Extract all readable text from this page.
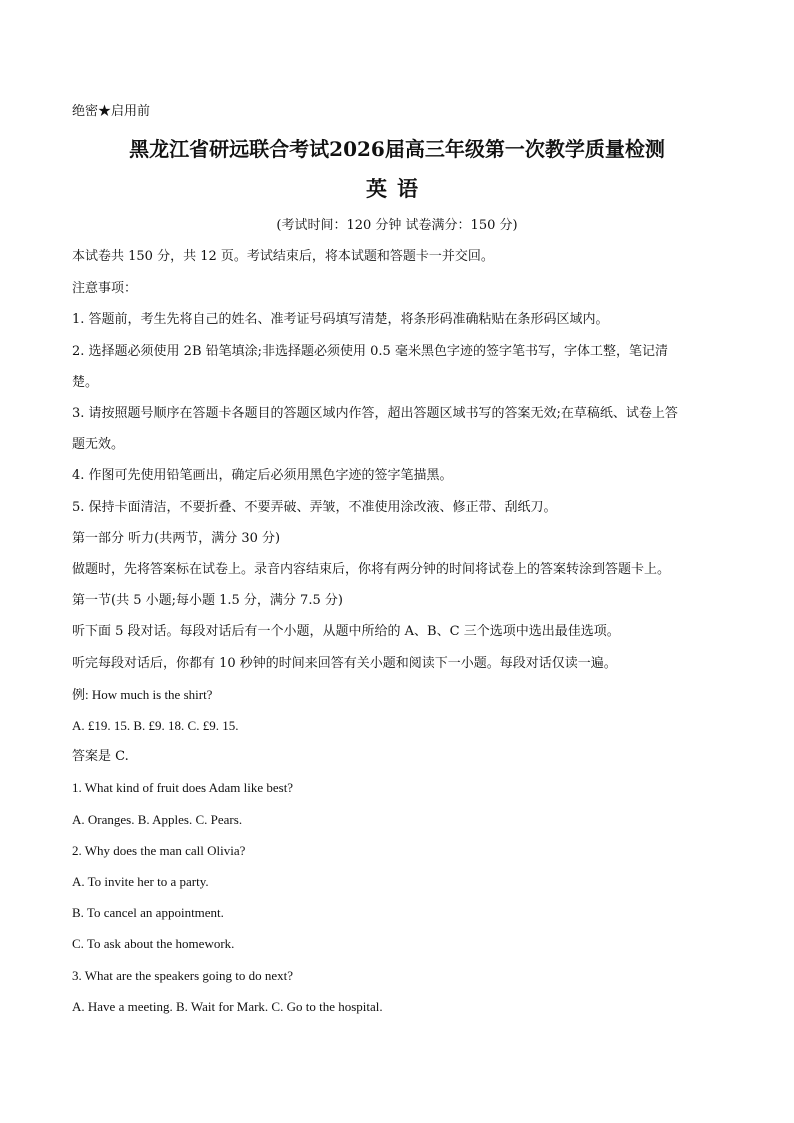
绝密★启用前
黑龙江省研远联合考试2026届高三年级第一次教学质量检测
英语
(考试时间：120 分钟 试卷满分：150 分)
本试卷共 150 分，共 12 页。考试结束后，将本试题和答题卡一并交回。
注意事项：
1. 答题前，考生先将自己的姓名、准考证号码填写清楚，将条形码准确粘贴在条形码区域内。
2. 选择题必须使用 2B 铅笔填涂;非选择题必须使用 0.5 毫米黑色字迹的签字笔书写，字体工整，笔记清
楚。
3. 请按照题号顺序在答题卡各题目的答题区域内作答，超出答题区域书写的答案无效;在草稿纸、试卷上答
题无效。
4. 作图可先使用铅笔画出，确定后必须用黑色字迹的签字笔描黑。
5. 保持卡面清洁，不要折叠、不要弄破、弄皱，不准使用涂改液、修正带、刮纸刀。
第一部分 听力(共两节，满分 30 分)
做题时，先将答案标在试卷上。录音内容结束后，你将有两分钟的时间将试卷上的答案转涂到答题卡上。
第一节(共 5 小题;每小题 1.5 分，满分 7.5 分)
听下面 5 段对话。每段对话后有一个小题，从题中所给的 A、B、C 三个选项中选出最佳选项。
听完每段对话后，你都有 10 秒钟的时间来回答有关小题和阅读下一小题。每段对话仅读一遍。
例: How much is the shirt?
A. £19. 15. B. £9. 18. C. £9. 15.
答案是 C.
1. What kind of fruit does Adam like best?
A. Oranges. B. Apples. C. Pears.
2. Why does the man call Olivia?
A. To invite her to a party.
B. To cancel an appointment.
C. To ask about the homework.
3. What are the speakers going to do next?
A. Have a meeting. B. Wait for Mark. C. Go to the hospital.
